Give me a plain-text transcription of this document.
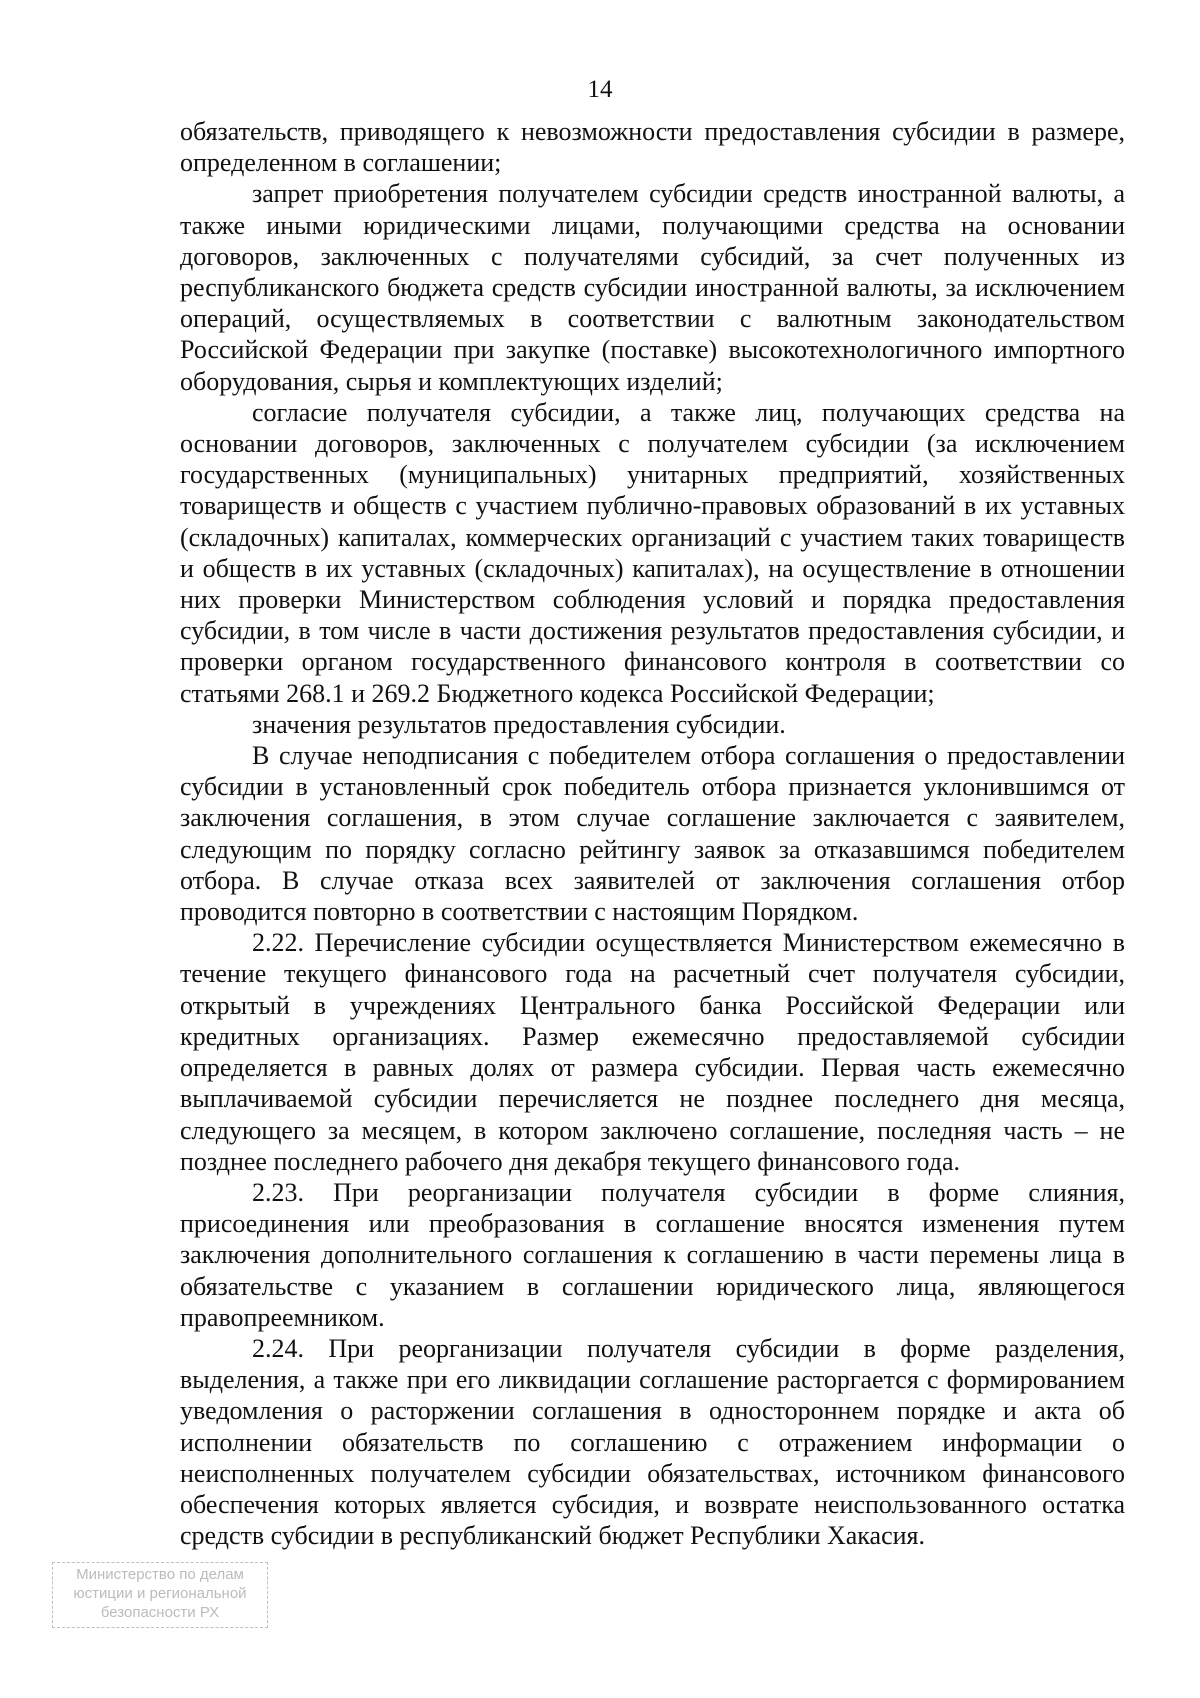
14

обязательств, приводящего к невозможности предоставления субсидии в размере, определенном в соглашении;

запрет приобретения получателем субсидии средств иностранной валюты, а также иными юридическими лицами, получающими средства на основании договоров, заключенных с получателями субсидий, за счет полученных из республиканского бюджета средств субсидии иностранной валюты, за исключением операций, осуществляемых в соответствии с валютным законодательством Российской Федерации при закупке (поставке) высокотехнологичного импортного оборудования, сырья и комплектующих изделий;

согласие получателя субсидии, а также лиц, получающих средства на основании договоров, заключенных с получателем субсидии (за исключением государственных (муниципальных) унитарных предприятий, хозяйственных товариществ и обществ с участием публично-правовых образований в их уставных (складочных) капиталах, коммерческих организаций с участием таких товариществ и обществ в их уставных (складочных) капиталах), на осуществление в отношении них проверки Министерством соблюдения условий и порядка предоставления субсидии, в том числе в части достижения результатов предоставления субсидии, и проверки органом государственного финансового контроля в соответствии со статьями 268.1 и 269.2 Бюджетного кодекса Российской Федерации;

значения результатов предоставления субсидии.

В случае неподписания с победителем отбора соглашения о предоставлении субсидии в установленный срок победитель отбора признается уклонившимся от заключения соглашения, в этом случае соглашение заключается с заявителем, следующим по порядку согласно рейтингу заявок за отказавшимся победителем отбора. В случае отказа всех заявителей от заключения соглашения отбор проводится повторно в соответствии с настоящим Порядком.

2.22. Перечисление субсидии осуществляется Министерством ежемесячно в течение текущего финансового года на расчетный счет получателя субсидии, открытый в учреждениях Центрального банка Российской Федерации или кредитных организациях. Размер ежемесячно предоставляемой субсидии определяется в равных долях от размера субсидии. Первая часть ежемесячно выплачиваемой субсидии перечисляется не позднее последнего дня месяца, следующего за месяцем, в котором заключено соглашение, последняя часть – не позднее последнего рабочего дня декабря текущего финансового года.

2.23. При реорганизации получателя субсидии в форме слияния, присоединения или преобразования в соглашение вносятся изменения путем заключения дополнительного соглашения к соглашению в части перемены лица в обязательстве с указанием в соглашении юридического лица, являющегося правопреемником.

2.24. При реорганизации получателя субсидии в форме разделения, выделения, а также при его ликвидации соглашение расторгается с формированием уведомления о расторжении соглашения в одностороннем порядке и акта об исполнении обязательств по соглашению с отражением информации о неисполненных получателем субсидии обязательствах, источником финансового обеспечения которых является субсидия, и возврате неиспользованного остатка средств субсидии в республиканский бюджет Республики Хакасия.

Министерство по делам
юстиции и региональной
безопасности РХ
